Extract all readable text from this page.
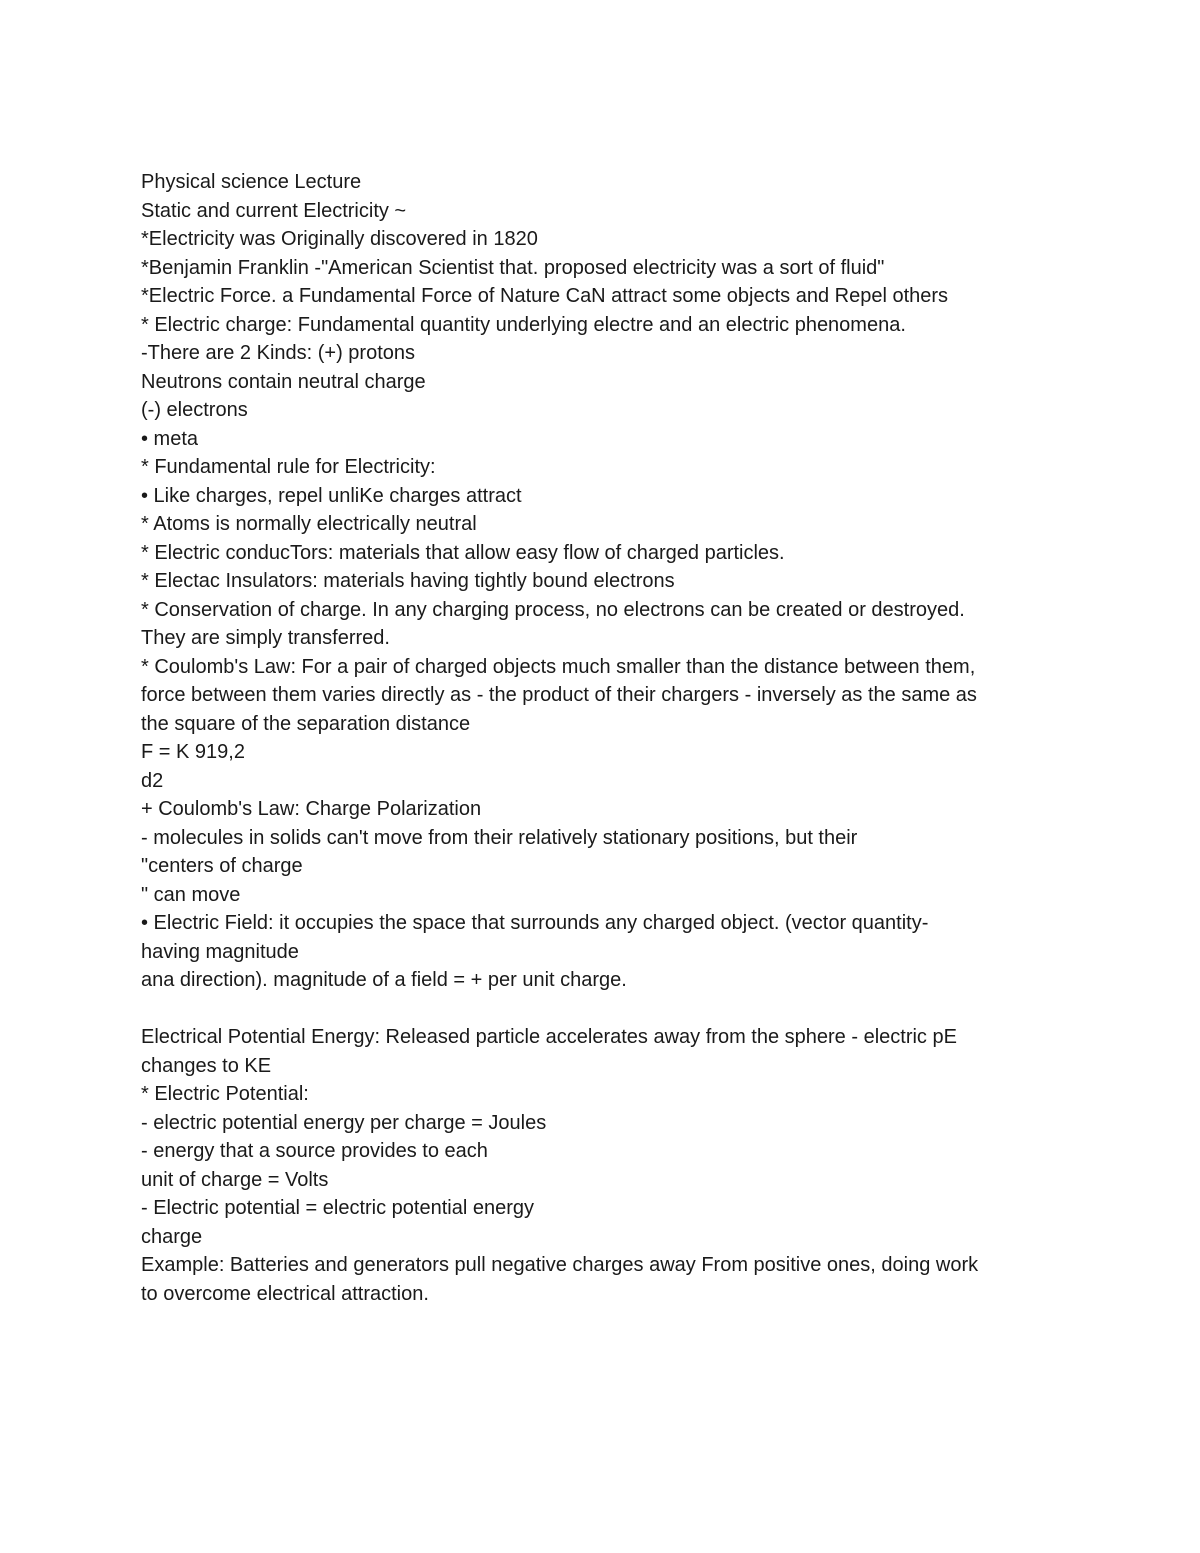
Physical science Lecture
Static and current Electricity ~
*Electricity was Originally discovered in 1820
*Benjamin Franklin -"American Scientist that. proposed electricity was a sort of fluid"
*Electric Force. a Fundamental Force of Nature CaN attract some objects and Repel others
* Electric charge: Fundamental quantity underlying electre and an electric phenomena.
-There are 2 Kinds: (+) protons
Neutrons contain neutral charge
(-) electrons
• meta
* Fundamental rule for Electricity:
• Like charges, repel unliKe charges attract
* Atoms is normally electrically neutral
* Electric conducTors: materials that allow easy flow of charged particles.
* Electac Insulators: materials having tightly bound electrons
* Conservation of charge. In any charging process, no electrons can be created or destroyed.
They are simply transferred.
* Coulomb's Law: For a pair of charged objects much smaller than the distance between them,
force between them varies directly as - the product of their chargers - inversely as the same as
the square of the separation distance
F = K 919,2
d2
+ Coulomb's Law: Charge Polarization
- molecules in solids can't move from their relatively stationary positions, but their
"centers of charge
" can move
• Electric Field: it occupies the space that surrounds any charged object. (vector quantity-
having magnitude
ana direction). magnitude of a field = + per unit charge.
Electrical Potential Energy: Released particle accelerates away from the sphere - electric pE
changes to KE
* Electric Potential:
- electric potential energy per charge = Joules
- energy that a source provides to each
unit of charge = Volts
- Electric potential = electric potential energy
charge
Example: Batteries and generators pull negative charges away From positive ones, doing work
to overcome electrical attraction.
